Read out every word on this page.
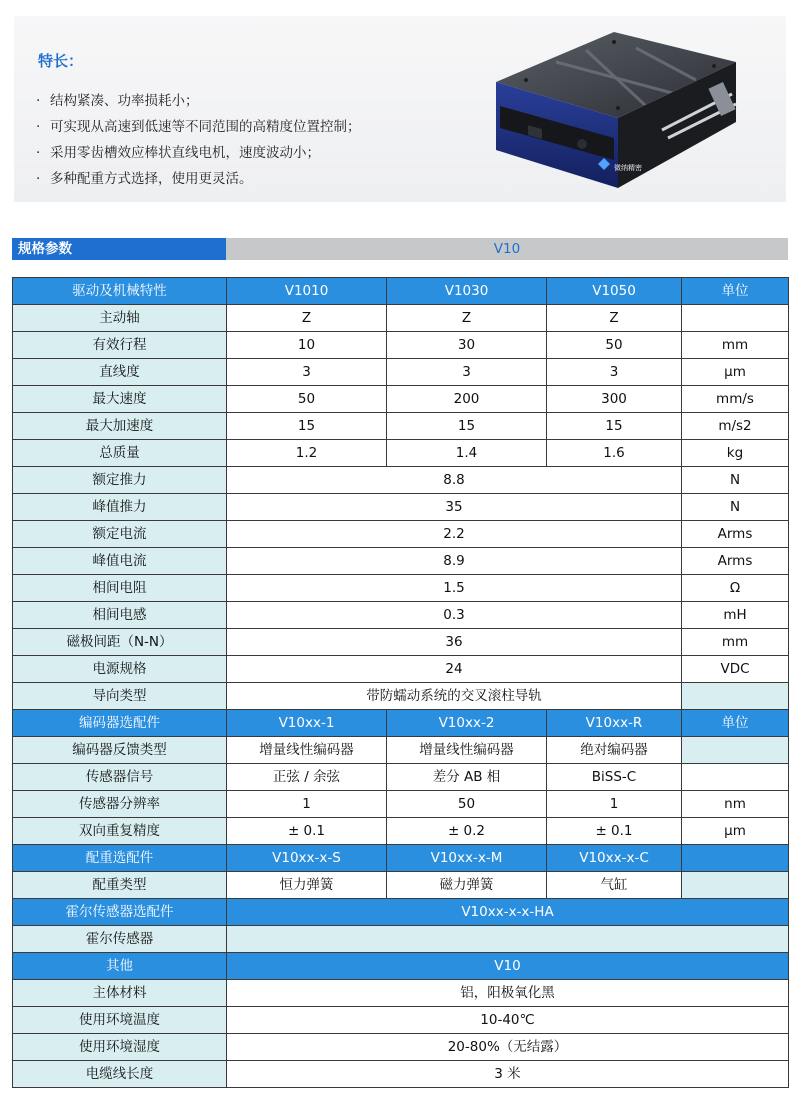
特长：
· 结构紧凑、功率损耗小；
· 可实现从高速到低速等不同范围的高精度位置控制；
· 采用零齿槽效应棒状直线电机，速度波动小；
· 多种配重方式选择，使用更灵活。
微纳精密
规格参数	V10
驱动及机械特性	V1010	V1030	V1050	单位
主动轴	Z	Z	Z	
有效行程	10	30	50	mm
直线度	3	3	3	μm
最大速度	50	200	300	mm/s
最大加速度	15	15	15	m/s2
总质量	1.2	1.4	1.6	kg
额定推力	8.8			N
峰值推力	35			N
额定电流	2.2			Arms
峰值电流	8.9			Arms
相间电阻	1.5			Ω
相间电感	0.3			mH
磁极间距（N-N）	36			mm
电源规格	24			VDC
导向类型	带防蠕动系统的交叉滚柱导轨			
编码器选配件	V10xx-1	V10xx-2	V10xx-R	单位
编码器反馈类型	增量线性编码器	增量线性编码器	绝对编码器	
传感器信号	正弦 / 余弦	差分 AB 相	BiSS-C	
传感器分辨率	1	50	1	nm
双向重复精度	± 0.1	± 0.2	± 0.1	μm
配重选配件	V10xx-x-S	V10xx-x-M	V10xx-x-C	
配重类型	恒力弹簧	磁力弹簧	气缸	
霍尔传感器选配件	V10xx-x-x-HA			
霍尔传感器				
其他	V10			
主体材料	铝，阳极氧化黑			
使用环境温度	10-40℃			
使用环境湿度	20-80%（无结露）			
电缆线长度	3 米			
